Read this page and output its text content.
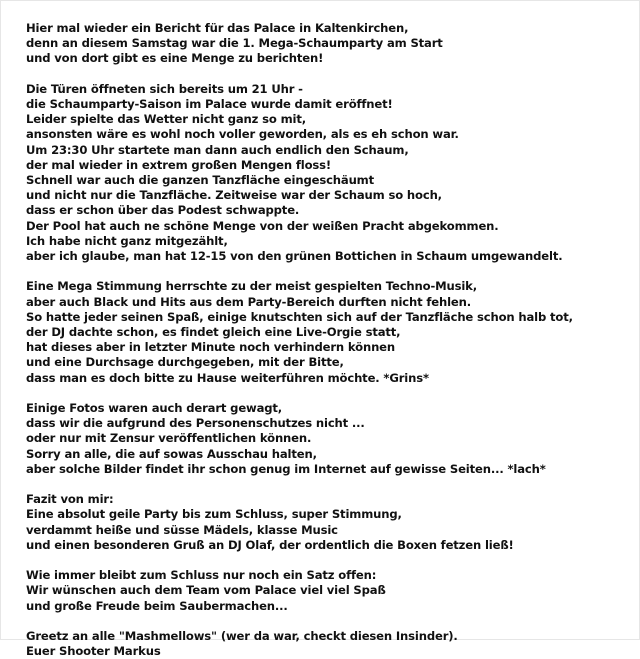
Hier mal wieder ein Bericht für das Palace in Kaltenkirchen,
denn an diesem Samstag war die 1. Mega-Schaumparty am Start
und von dort gibt es eine Menge zu berichten!
Die Türen öffneten sich bereits um 21 Uhr -
die Schaumparty-Saison im Palace wurde damit eröffnet!
Leider spielte das Wetter nicht ganz so mit,
ansonsten wäre es wohl noch voller geworden, als es eh schon war.
Um 23:30 Uhr startete man dann auch endlich den Schaum,
der mal wieder in extrem großen Mengen floss!
Schnell war auch die ganzen Tanzfläche eingeschäumt
und nicht nur die Tanzfläche. Zeitweise war der Schaum so hoch,
dass er schon über das Podest schwappte.
Der Pool hat auch ne schöne Menge von der weißen Pracht abgekommen.
Ich habe nicht ganz mitgezählt,
aber ich glaube, man hat 12-15 von den grünen Bottichen in Schaum umgewandelt.
Eine Mega Stimmung herrschte zu der meist gespielten Techno-Musik,
aber auch Black und Hits aus dem Party-Bereich durften nicht fehlen.
So hatte jeder seinen Spaß, einige knutschten sich auf der Tanzfläche schon halb tot,
der DJ dachte schon, es findet gleich eine Live-Orgie statt,
hat dieses aber in letzter Minute noch verhindern können
und eine Durchsage durchgegeben, mit der Bitte,
dass man es doch bitte zu Hause weiterführen möchte. *Grins*
Einige Fotos waren auch derart gewagt,
dass wir die aufgrund des Personenschutzes nicht ...
oder nur mit Zensur veröffentlichen können.
Sorry an alle, die auf sowas Ausschau halten,
aber solche Bilder findet ihr schon genug im Internet auf gewisse Seiten... *lach*
Fazit von mir:
Eine absolut geile Party bis zum Schluss, super Stimmung,
verdammt heiße und süsse Mädels, klasse Music
und einen besonderen Gruß an DJ Olaf, der ordentlich die Boxen fetzen ließ!
Wie immer bleibt zum Schluss nur noch ein Satz offen:
Wir wünschen auch dem Team vom Palace viel viel Spaß
und große Freude beim Saubermachen...
Greetz an alle "Mashmellows" (wer da war, checkt diesen Insinder).
Euer Shooter Markus
